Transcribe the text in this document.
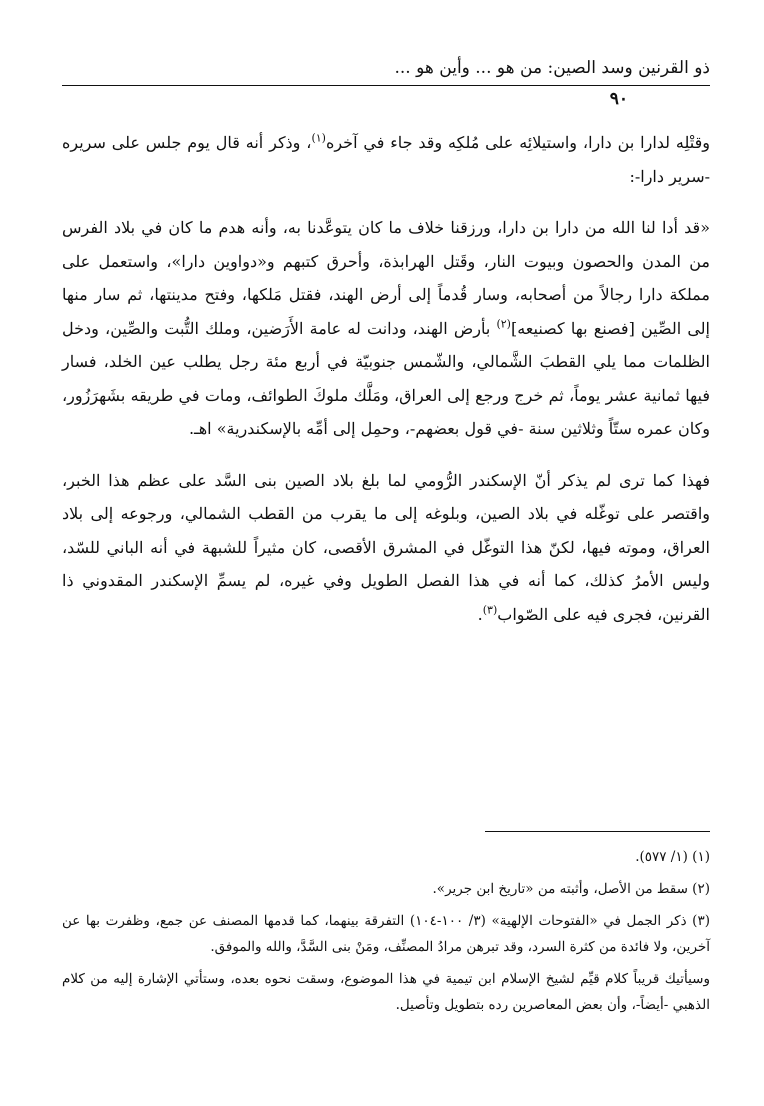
ذو القرنين وسد الصين: من هو ... وأين هو ...
٩٠

وقتْلِه لدارا بن دارا، واستيلائِه على مُلكِه وقد جاء في آخره$^{(١)}$، وذكر أنه قال يوم جلس على سريره -سرير دارا-:

«قد أدا لنا الله من دارا بن دارا، ورزقنا خلاف ما كان يتوعَّدنا به، وأنه هدم ما كان في بلاد الفرس من المدن والحصون وبيوت النار، وقَتل الهرابذة، وأحرق كتبهم و«دواوين دارا»، واستعمل على مملكة دارا رجالاً من أصحابه، وسار قُدماً إلى أرض الهند، فقتل مَلكها، وفتح مدينتها، ثم سار منها إلى الصِّين [فصنع بها كصنيعه]$^{(٢)}$ بأرض الهند، ودانت له عامة الأَرَضين، وملك التُّبت والصِّين، ودخل الظلمات مما يلي القطبَ الشَّمالي، والشّمس جنوبيّة في أربع مئة رجل يطلب عين الخلد، فسار فيها ثمانية عشر يوماً، ثم خرج ورجع إلى العراق، ومَلَّك ملوكَ الطوائف، ومات في طريقه بشَهرَزُور، وكان عمره ستّاً وثلاثين سنة -في قول بعضهم-، وحمِل إلى أمِّه بالإسكندرية» اهـ.

فهذا كما ترى لم يذكر أنّ الإسكندر الرُّومي لما بلغ بلاد الصين بنى السَّد على عظم هذا الخبر، واقتصر على توغّله في بلاد الصين، وبلوغه إلى ما يقرب من القطب الشمالي، ورجوعه إلى بلاد العراق، وموته فيها، لكنّ هذا التوغّل في المشرق الأقصى، كان مثيراً للشبهة في أنه الباني للسّد، وليس الأمرُ كذلك، كما أنه في هذا الفصل الطويل وفي غيره، لم يسمِّ الإسكندر المقدوني ذا القرنين، فجرى فيه على الصّواب$^{(٣)}$.

(١) (١/ ٥٧٧).

(٢) سقط من الأصل، وأثبته من «تاريخ ابن جرير».

(٣) ذكر الجمل في «الفتوحات الإلهية» (٣/ ١٠٠-١٠٤) التفرقة بينهما، كما قدمها المصنف عن جمع، وظفرت بها عن آخرين، ولا فائدة من كثرة السرد، وقد تبرهن مرادُ المصنِّف، ومَنْ بنى السَّدَّ، والله والموفق.

وسيأتيك قريباً كلام قيِّم لشيخ الإسلام ابن تيمية في هذا الموضوع، وسقت نحوه بعده، وستأتي الإشارة إليه من كلام الذهبي -أيضاً-، وأن بعض المعاصرين رده بتطويل وتأصيل.
